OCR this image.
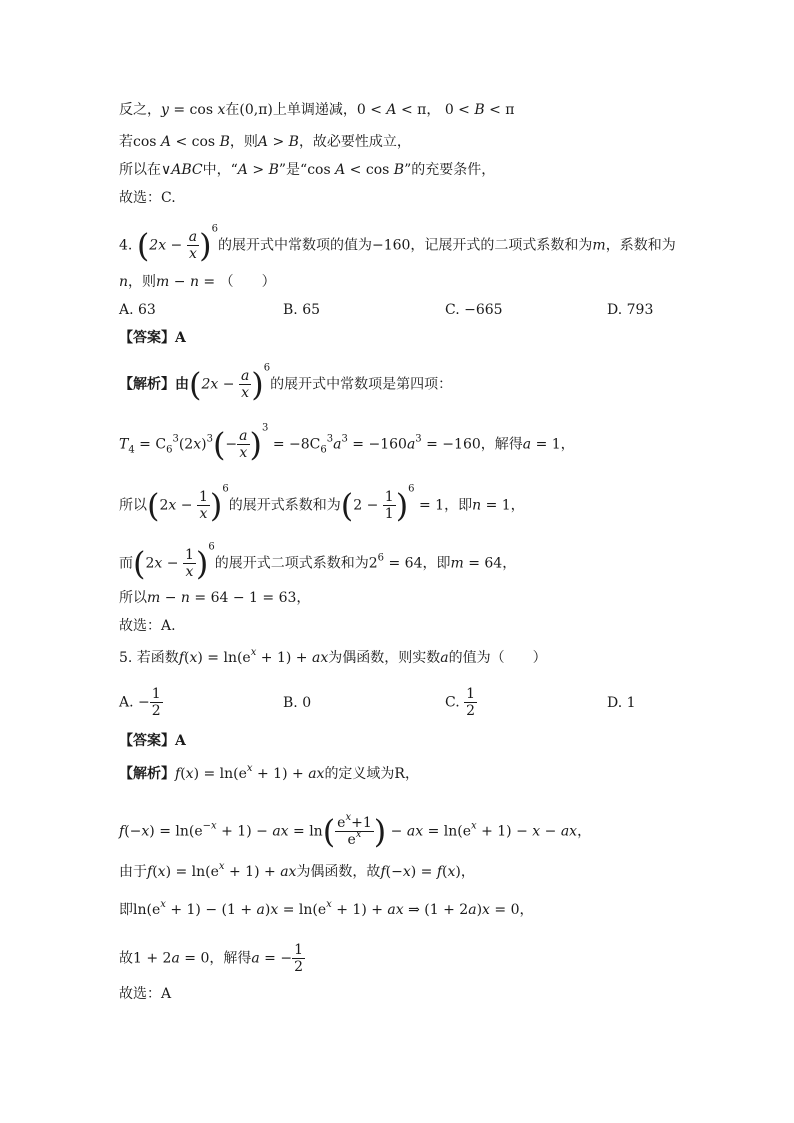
反之，y = cos x在(0,π)上单调递减，0 < A < π， 0 < B < π
若cos A < cos B，则A > B，故必要性成立，
所以在∨ABC中，“A > B”是“cos A < cos B”的充要条件，
故选：C.
4. $(2x - \frac{a}{x} )^6$的展开式中常数项的值为−160，记展开式的二项式系数和为m，系数和为
n，则m − n = （　　）
A. 63	B. 65	C. −665	D. 793
【答案】A
【解析】由$(2x - \frac{a}{x} )^6$的展开式中常数项是第四项：
$T_4 = C_6^3(2x)^3(- \frac{a}{x} )^3 = -8C_6^3a^3 = -160a^3 = -160$，解得a = 1，
所以$(2x - \frac{1}{x} )^6$的展开式系数和为$(2 - \frac{1}{1} )^6 = 1$，即n = 1，
而$(2x - \frac{1}{x} )^6$的展开式二项式系数和为$2^6 = 64$，即m = 64，
所以m − n = 64 − 1 = 63，
故选：A.
5. 若函数$f(x) = \ln(e^x + 1)$ + ax为偶函数，则实数a的值为（　　）
A. − $\frac{1}{2}$	B. 0	C. $\frac{1}{2}$	D. 1
【答案】A
【解析】$f(x) = \ln(e^x + 1)$ + ax的定义域为R，
$f(-x) = \ln(e^{-x} + 1)$ − ax = $\ln( \frac{e^x+1}{e^x}$ ) − ax = $\ln(e^x + 1) - x$ − ax，
由于$f(x) = \ln(e^x + 1)$ + ax为偶函数，故f(−x) = f(x)，
即$\ln(e^x + 1) - (1 + a)x = \ln(e^x + 1)$ + ax ⇒ (1 + 2a)x = 0，
故1 + 2a = 0，解得a = − $\frac{1}{2}$
故选：A
